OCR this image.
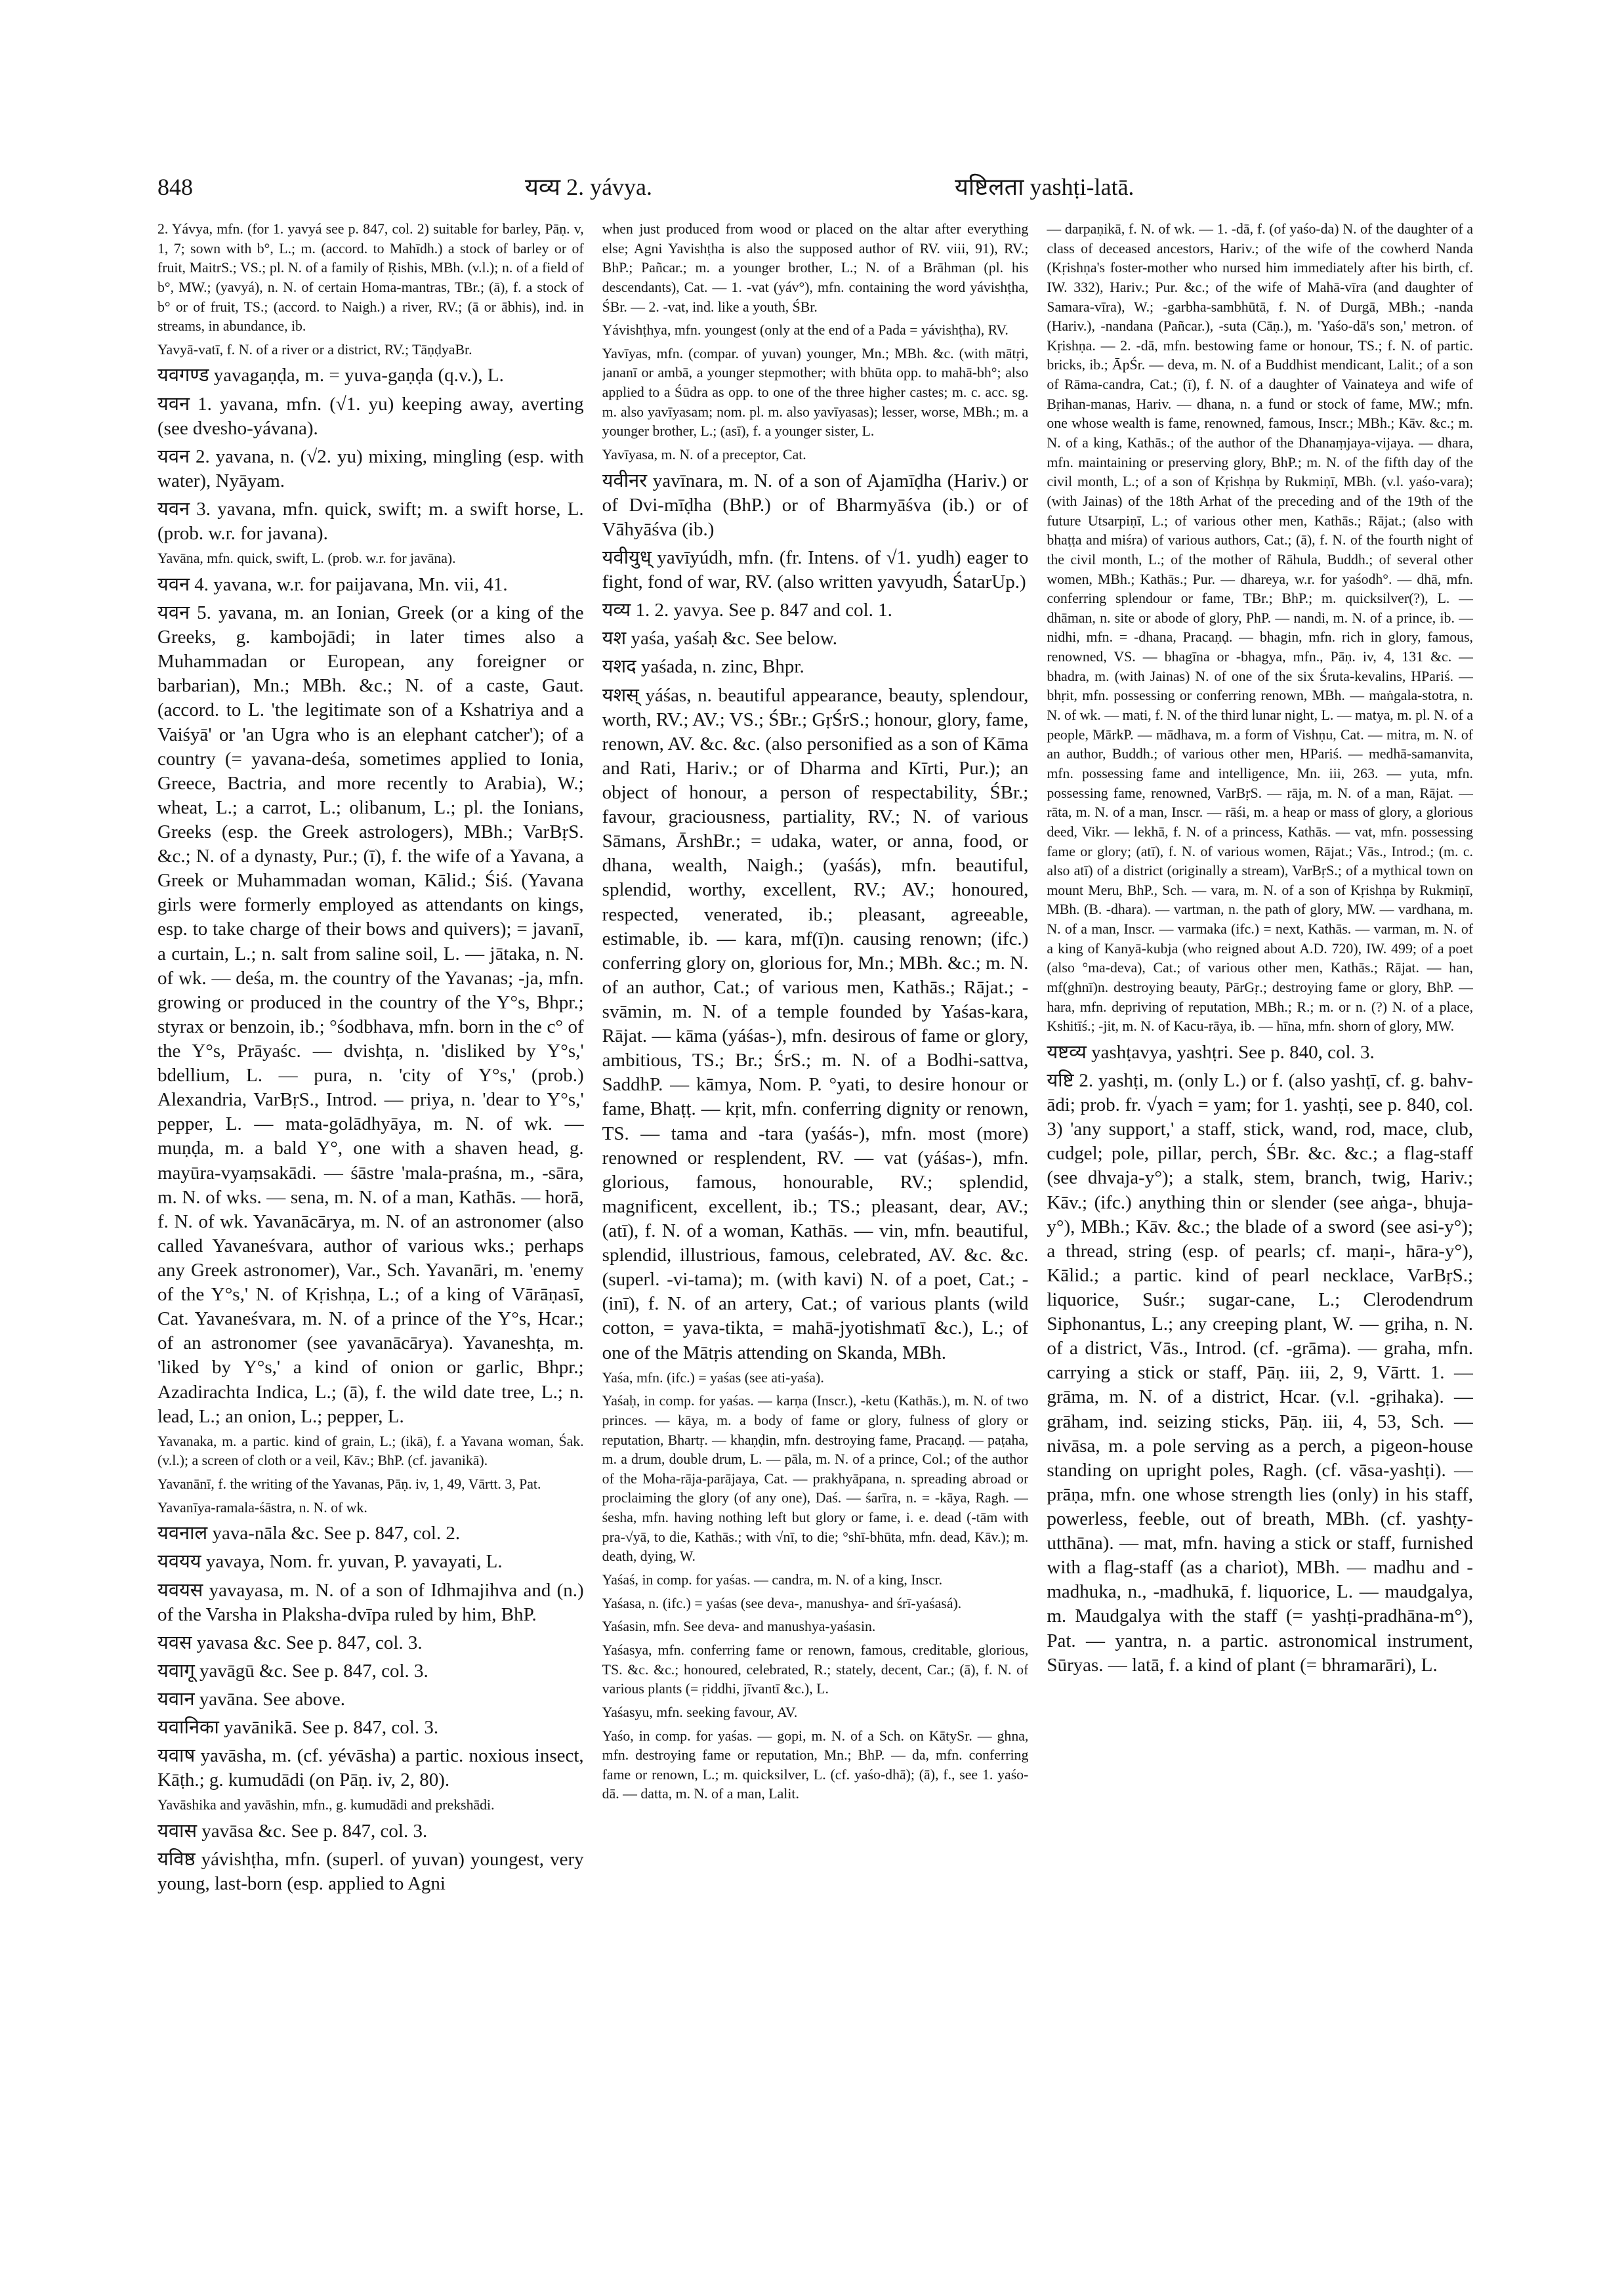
848	यव्य 2. yávya.	यष्टिलता yashṭi-latā.

2. Yávya, mfn. (for 1. yavyá see p. 847, col. 2) suitable for barley, Pāṇ. v, 1, 7; sown with b°, L.; m. (accord. to Mahīdh.) a stock of barley or of fruit, MaitrS.; VS.; pl. N. of a family of Ṛishis, MBh. (v.l.); n. of a field of b°, MW.; (yavyá), n. N. of certain Homa-mantras, TBr.; (ā), f. a stock of b° or of fruit, TS.; (accord. to Naigh.) a river, RV.; (ā or ābhis), ind. in streams, in abundance, ib.

Yavyā-vatī, f. N. of a river or a district, RV.; TāṇḍyaBr.

यवगण्ड yavagaṇḍa, m. = yuva-gaṇḍa (q.v.), L.

यवन 1. yavana, mfn. (√1. yu) keeping away, averting (see dvesho-yávana).

यवन 2. yavana, n. (√2. yu) mixing, mingling (esp. with water), Nyāyam.

यवन 3. yavana, mfn. quick, swift; m. a swift horse, L. (prob. w.r. for javana).

Yavāna, mfn. quick, swift, L. (prob. w.r. for javāna).

यवन 4. yavana, w.r. for paijavana, Mn. vii, 41.

यवन 5. yavana, m. an Ionian, Greek (or a king of the Greeks, g. kambojādi; in later times also a Muhammadan or European, any foreigner or barbarian), Mn.; MBh. &c.; N. of a caste, Gaut. (accord. to L. 'the legitimate son of a Kshatriya and a Vaiśyā' or 'an Ugra who is an elephant catcher'); of a country (= yavana-deśa, sometimes applied to Ionia, Greece, Bactria, and more recently to Arabia), W.; wheat, L.; a carrot, L.; olibanum, L.; pl. the Ionians, Greeks (esp. the Greek astrologers), MBh.; VarBṛS. &c.; N. of a dynasty, Pur.; (ī), f. the wife of a Yavana, a Greek or Muhammadan woman, Kālid.; Śiś. (Yavana girls were formerly employed as attendants on kings, esp. to take charge of their bows and quivers); = javanī, a curtain, L.; n. salt from saline soil, L. — jātaka, n. N. of wk. — deśa, m. the country of the Yavanas; -ja, mfn. growing or produced in the country of the Y°s, Bhpr.; styrax or benzoin, ib.; °śodbhava, mfn. born in the c° of the Y°s, Prāyaśc. — dvishṭa, n. 'disliked by Y°s,' bdellium, L. — pura, n. 'city of Y°s,' (prob.) Alexandria, VarBṛS., Introd. — priya, n. 'dear to Y°s,' pepper, L. — mata-golādhyāya, m. N. of wk. — muṇḍa, m. a bald Y°, one with a shaven head, g. mayūra-vyaṃsakādi. — śāstre 'mala-praśna, m., -sāra, m. N. of wks. — sena, m. N. of a man, Kathās. — horā, f. N. of wk. Yavanācārya, m. N. of an astronomer (also called Yavaneśvara, author of various wks.; perhaps any Greek astronomer), Var., Sch. Yavanāri, m. 'enemy of the Y°s,' N. of Kṛishṇa, L.; of a king of Vārāṇasī, Cat. Yavaneśvara, m. N. of a prince of the Y°s, Hcar.; of an astronomer (see yavanācārya). Yavaneshṭa, m. 'liked by Y°s,' a kind of onion or garlic, Bhpr.; Azadirachta Indica, L.; (ā), f. the wild date tree, L.; n. lead, L.; an onion, L.; pepper, L.

Yavanaka, m. a partic. kind of grain, L.; (ikā), f. a Yavana woman, Śak. (v.l.); a screen of cloth or a veil, Kāv.; BhP. (cf. javanikā).

Yavanānī, f. the writing of the Yavanas, Pāṇ. iv, 1, 49, Vārtt. 3, Pat.

Yavanīya-ramala-śāstra, n. N. of wk.

यवनाल yava-nāla &c. See p. 847, col. 2.

यवयय yavaya, Nom. fr. yuvan, P. yavayati, L.

यवयस yavayasa, m. N. of a son of Idhmajihva and (n.) of the Varsha in Plaksha-dvīpa ruled by him, BhP.

यवस yavasa &c. See p. 847, col. 3.

यवागू yavāgū &c. See p. 847, col. 3.

यवान yavāna. See above.

यवानिका yavānikā. See p. 847, col. 3.

यवाष yavāsha, m. (cf. yévāsha) a partic. noxious insect, Kāṭh.; g. kumudādi (on Pāṇ. iv, 2, 80).

Yavāshika and yavāshin, mfn., g. kumudādi and prekshādi.

यवास yavāsa &c. See p. 847, col. 3.

यविष्ठ yávishṭha, mfn. (superl. of yuvan) youngest, very young, last-born (esp. applied to Agni

when just produced from wood or placed on the altar after everything else; Agni Yavishṭha is also the supposed author of RV. viii, 91), RV.; BhP.; Pañcar.; m. a younger brother, L.; N. of a Brāhman (pl. his descendants), Cat. — 1. -vat (yáv°), mfn. containing the word yávishṭha, ŚBr. — 2. -vat, ind. like a youth, ŚBr.

Yávishṭhya, mfn. youngest (only at the end of a Pada = yávishṭha), RV.

Yavīyas, mfn. (compar. of yuvan) younger, Mn.; MBh. &c. (with mātṛi, jananī or ambā, a younger stepmother; with bhūta opp. to mahā-bh°; also applied to a Śūdra as opp. to one of the three higher castes; m. c. acc. sg. m. also yavīyasam; nom. pl. m. also yavīyasas); lesser, worse, MBh.; m. a younger brother, L.; (asī), f. a younger sister, L.

Yavīyasa, m. N. of a preceptor, Cat.

यवीनर yavīnara, m. N. of a son of Ajamīḍha (Hariv.) or of Dvi-mīḍha (BhP.) or of Bharmyāśva (ib.) or of Vāhyāśva (ib.)

यवीयुध् yavīyúdh, mfn. (fr. Intens. of √1. yudh) eager to fight, fond of war, RV. (also written yavyudh, ŚatarUp.)

यव्य 1. 2. yavya. See p. 847 and col. 1.

यश yaśa, yaśaḥ &c. See below.

यशद yaśada, n. zinc, Bhpr.

यशस् yáśas, n. beautiful appearance, beauty, splendour, worth, RV.; AV.; VS.; ŚBr.; GṛŚrS.; honour, glory, fame, renown, AV. &c. &c. (also personified as a son of Kāma and Rati, Hariv.; or of Dharma and Kīrti, Pur.); an object of honour, a person of respectability, ŚBr.; favour, graciousness, partiality, RV.; N. of various Sāmans, ĀrshBr.; = udaka, water, or anna, food, or dhana, wealth, Naigh.; (yaśás), mfn. beautiful, splendid, worthy, excellent, RV.; AV.; honoured, respected, venerated, ib.; pleasant, agreeable, estimable, ib. — kara, mf(ī)n. causing renown; (ifc.) conferring glory on, glorious for, Mn.; MBh. &c.; m. N. of an author, Cat.; of various men, Kathās.; Rājat.; -svāmin, m. N. of a temple founded by Yaśas-kara, Rājat. — kāma (yáśas-), mfn. desirous of fame or glory, ambitious, TS.; Br.; ŚrS.; m. N. of a Bodhi-sattva, SaddhP. — kāmya, Nom. P. °yati, to desire honour or fame, Bhaṭṭ. — kṛit, mfn. conferring dignity or renown, TS. — tama and -tara (yaśás-), mfn. most (more) renowned or resplendent, RV. — vat (yáśas-), mfn. glorious, famous, honourable, RV.; splendid, magnificent, excellent, ib.; TS.; pleasant, dear, AV.; (atī), f. N. of a woman, Kathās. — vin, mfn. beautiful, splendid, illustrious, famous, celebrated, AV. &c. &c. (superl. -vi-tama); m. (with kavi) N. of a poet, Cat.; -(inī), f. N. of an artery, Cat.; of various plants (wild cotton, = yava-tikta, = mahā-jyotishmatī &c.), L.; of one of the Mātṛis attending on Skanda, MBh.

Yaśa, mfn. (ifc.) = yaśas (see ati-yaśa).

Yaśaḥ, in comp. for yaśas. — karṇa (Inscr.), -ketu (Kathās.), m. N. of two princes. — kāya, m. a body of fame or glory, fulness of glory or reputation, Bhartṛ. — khaṇḍin, mfn. destroying fame, Pracaṇḍ. — paṭaha, m. a drum, double drum, L. — pāla, m. N. of a prince, Col.; of the author of the Moha-rāja-parājaya, Cat. — prakhyāpana, n. spreading abroad or proclaiming the glory (of any one), Daś. — śarīra, n. = -kāya, Ragh. — śesha, mfn. having nothing left but glory or fame, i. e. dead (-tām with pra-√yā, to die, Kathās.; with √nī, to die; °shī-bhūta, mfn. dead, Kāv.); m. death, dying, W.

Yaśaś, in comp. for yaśas. — candra, m. N. of a king, Inscr.

Yaśasa, n. (ifc.) = yaśas (see deva-, manushya- and śrī-yaśasá).

Yaśasin, mfn. See deva- and manushya-yaśasin.

Yaśasya, mfn. conferring fame or renown, famous, creditable, glorious, TS. &c. &c.; honoured, celebrated, R.; stately, decent, Car.; (ā), f. N. of various plants (= ṛiddhi, jīvantī &c.), L.

Yaśasyu, mfn. seeking favour, AV.

Yaśo, in comp. for yaśas. — gopi, m. N. of a Sch. on KātySr. — ghna, mfn. destroying fame or reputation, Mn.; BhP. — da, mfn. conferring fame or renown, L.; m. quicksilver, L. (cf. yaśo-dhā); (ā), f., see 1. yaśo-dā. — datta, m. N. of a man, Lalit.

— darpaṇikā, f. N. of wk. — 1. -dā, f. (of yaśo-da) N. of the daughter of a class of deceased ancestors, Hariv.; of the wife of the cowherd Nanda (Kṛishṇa's foster-mother who nursed him immediately after his birth, cf. IW. 332), Hariv.; Pur. &c.; of the wife of Mahā-vīra (and daughter of Samara-vīra), W.; -garbha-sambhūtā, f. N. of Durgā, MBh.; -nanda (Hariv.), -nandana (Pañcar.), -suta (Cāṇ.), m. 'Yaśo-dā's son,' metron. of Kṛishṇa. — 2. -dā, mfn. bestowing fame or honour, TS.; f. N. of partic. bricks, ib.; ĀpŚr. — deva, m. N. of a Buddhist mendicant, Lalit.; of a son of Rāma-candra, Cat.; (ī), f. N. of a daughter of Vainateya and wife of Bṛihan-manas, Hariv. — dhana, n. a fund or stock of fame, MW.; mfn. one whose wealth is fame, renowned, famous, Inscr.; MBh.; Kāv. &c.; m. N. of a king, Kathās.; of the author of the Dhanaṃjaya-vijaya. — dhara, mfn. maintaining or preserving glory, BhP.; m. N. of the fifth day of the civil month, L.; of a son of Kṛishṇa by Rukmiṇī, MBh. (v.l. yaśo-vara); (with Jainas) of the 18th Arhat of the preceding and of the 19th of the future Utsarpiṇī, L.; of various other men, Kathās.; Rājat.; (also with bhaṭṭa and miśra) of various authors, Cat.; (ā), f. N. of the fourth night of the civil month, L.; of the mother of Rāhula, Buddh.; of several other women, MBh.; Kathās.; Pur. — dhareya, w.r. for yaśodh°. — dhā, mfn. conferring splendour or fame, TBr.; BhP.; m. quicksilver(?), L. — dhāman, n. site or abode of glory, PhP. — nandi, m. N. of a prince, ib. — nidhi, mfn. = -dhana, Pracaṇḍ. — bhagin, mfn. rich in glory, famous, renowned, VS. — bhagīna or -bhagya, mfn., Pāṇ. iv, 4, 131 &c. — bhadra, m. (with Jainas) N. of one of the six Śruta-kevalins, HPariś. — bhṛit, mfn. possessing or conferring renown, MBh. — maṅgala-stotra, n. N. of wk. — mati, f. N. of the third lunar night, L. — matya, m. pl. N. of a people, MārkP. — mādhava, m. a form of Vishṇu, Cat. — mitra, m. N. of an author, Buddh.; of various other men, HPariś. — medhā-samanvita, mfn. possessing fame and intelligence, Mn. iii, 263. — yuta, mfn. possessing fame, renowned, VarBṛS. — rāja, m. N. of a man, Rājat. — rāta, m. N. of a man, Inscr. — rāśi, m. a heap or mass of glory, a glorious deed, Vikr. — lekhā, f. N. of a princess, Kathās. — vat, mfn. possessing fame or glory; (atī), f. N. of various women, Rājat.; Vās., Introd.; (m. c. also atī) of a district (originally a stream), VarBṛS.; of a mythical town on mount Meru, BhP., Sch. — vara, m. N. of a son of Kṛishṇa by Rukmiṇī, MBh. (B. -dhara). — vartman, n. the path of glory, MW. — vardhana, m. N. of a man, Inscr. — varmaka (ifc.) = next, Kathās. — varman, m. N. of a king of Kanyā-kubja (who reigned about A.D. 720), IW. 499; of a poet (also °ma-deva), Cat.; of various other men, Kathās.; Rājat. — han, mf(ghnī)n. destroying beauty, PārGṛ.; destroying fame or glory, BhP. — hara, mfn. depriving of reputation, MBh.; R.; m. or n. (?) N. of a place, Kshitīś.; -jit, m. N. of Kacu-rāya, ib. — hīna, mfn. shorn of glory, MW.

यष्टव्य yashṭavya, yashṭri. See p. 840, col. 3.

यष्टि 2. yashṭi, m. (only L.) or f. (also yashṭī, cf. g. bahv-ādi; prob. fr. √yach = yam; for 1. yashṭi, see p. 840, col. 3) 'any support,' a staff, stick, wand, rod, mace, club, cudgel; pole, pillar, perch, ŚBr. &c. &c.; a flag-staff (see dhvaja-y°); a stalk, stem, branch, twig, Hariv.; Kāv.; (ifc.) anything thin or slender (see aṅga-, bhuja-y°), MBh.; Kāv. &c.; the blade of a sword (see asi-y°); a thread, string (esp. of pearls; cf. maṇi-, hāra-y°), Kālid.; a partic. kind of pearl necklace, VarBṛS.; liquorice, Suśr.; sugar-cane, L.; Clerodendrum Siphonantus, L.; any creeping plant, W. — gṛiha, n. N. of a district, Vās., Introd. (cf. -grāma). — graha, mfn. carrying a stick or staff, Pāṇ. iii, 2, 9, Vārtt. 1. — grāma, m. N. of a district, Hcar. (v.l. -gṛihaka). — grāham, ind. seizing sticks, Pāṇ. iii, 4, 53, Sch. — nivāsa, m. a pole serving as a perch, a pigeon-house standing on upright poles, Ragh. (cf. vāsa-yashṭi). — prāṇa, mfn. one whose strength lies (only) in his staff, powerless, feeble, out of breath, MBh. (cf. yashṭy-utthāna). — mat, mfn. having a stick or staff, furnished with a flag-staff (as a chariot), MBh. — madhu and -madhuka, n., -madhukā, f. liquorice, L. — maudgalya, m. Maudgalya with the staff (= yashṭi-pradhāna-m°), Pat. — yantra, n. a partic. astronomical instrument, Sūryas. — latā, f. a kind of plant (= bhramarāri), L.
